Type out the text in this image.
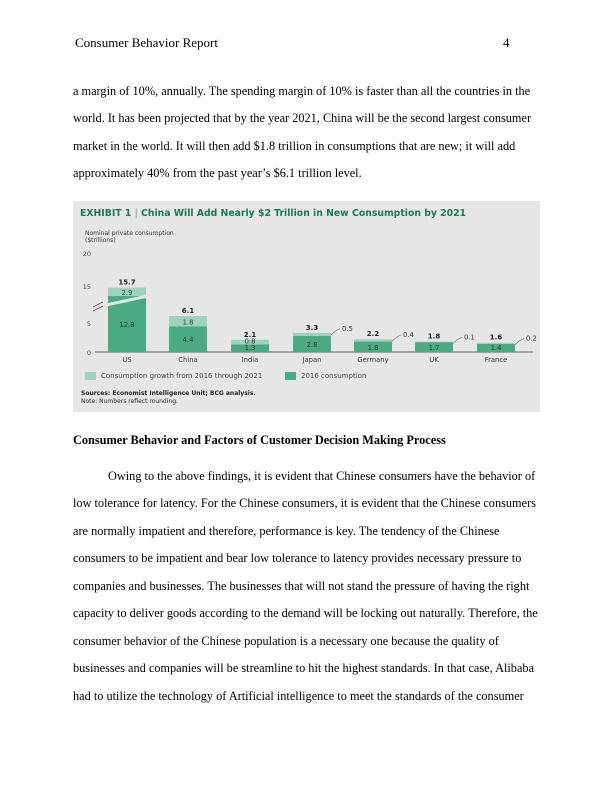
Consumer Behavior Report	4
a margin of 10%, annually. The spending margin of 10% is faster than all the countries in the
world. It has been projected that by the year 2021, China will be the second largest consumer
market in the world. It will then add $1.8 trillion in consumptions that are new; it will add
approximately 40% from the past year’s $6.1 trillion level.
0
5
15
20
15.7
US
12.8
2.9
6.1
China
4.4
1.8
2.1
India
1.3
0.8
3.3
Japan
2.8
0.5
2.2
Germany
1.8
0.4 1.8
UK
1.7
0.1 1.6
France
1.4
0.2
EXHIBIT 1 | China Will Add Nearly $2 Trillion in New Consumption by 2021
Nominal private consumption
($trillions)
Consumption growth from 2016 through 2021	2016 consumption
Sources: Economist Intelligence Unit; BCG analysis.
Note: Numbers reflect rounding.
Consumer Behavior and Factors of Customer Decision Making Process
Owing to the above findings, it is evident that Chinese consumers have the behavior of
low tolerance for latency. For the Chinese consumers, it is evident that the Chinese consumers
are normally impatient and therefore, performance is key. The tendency of the Chinese
consumers to be impatient and bear low tolerance to latency provides necessary pressure to
companies and businesses. The businesses that will not stand the pressure of having the right
capacity to deliver goods according to the demand will be locking out naturally. Therefore, the
consumer behavior of the Chinese population is a necessary one because the quality of
businesses and companies will be streamline to hit the highest standards. In that case, Alibaba
had to utilize the technology of Artificial intelligence to meet the standards of the consumer
